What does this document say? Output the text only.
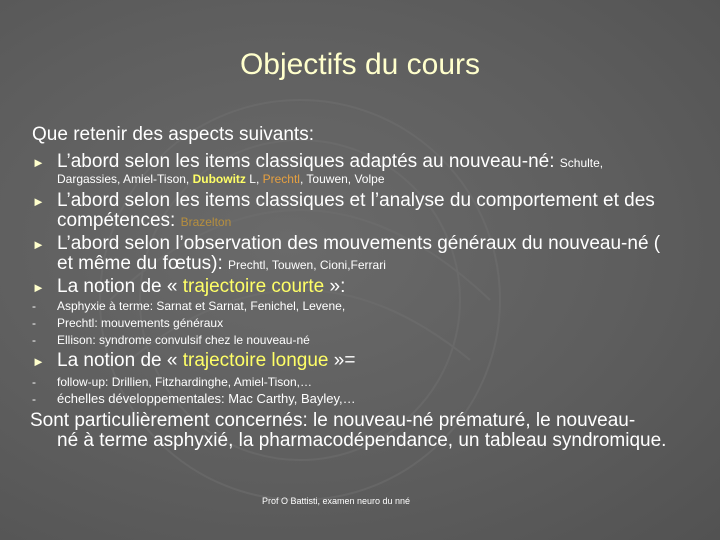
Objectifs du cours
Que retenir des aspects suivants:
► L’abord selon les items classiques adaptés au nouveau-né: Schulte,
Dargassies, Amiel-Tison, Dubowitz L, Prechtl, Touwen, Volpe
► L’abord selon les items classiques et l’analyse du comportement et des
compétences: Brazelton
► L’abord selon l’observation des mouvements généraux du nouveau-né (
et même du fœtus): Prechtl, Touwen, Cioni,Ferrari
► La notion de « trajectoire courte »:
- Asphyxie à terme: Sarnat et Sarnat, Fenichel, Levene,
- Prechtl: mouvements généraux
- Ellison: syndrome convulsif chez le nouveau-né
► La notion de « trajectoire longue »=
- follow-up: Drillien, Fitzhardinghe, Amiel-Tison,…
- échelles développementales: Mac Carthy, Bayley,…
Sont particulièrement concernés: le nouveau-né prématuré, le nouveau-
né à terme asphyxié, la pharmacodépendance, un tableau syndromique.
Prof O Battisti, examen neuro du nné
